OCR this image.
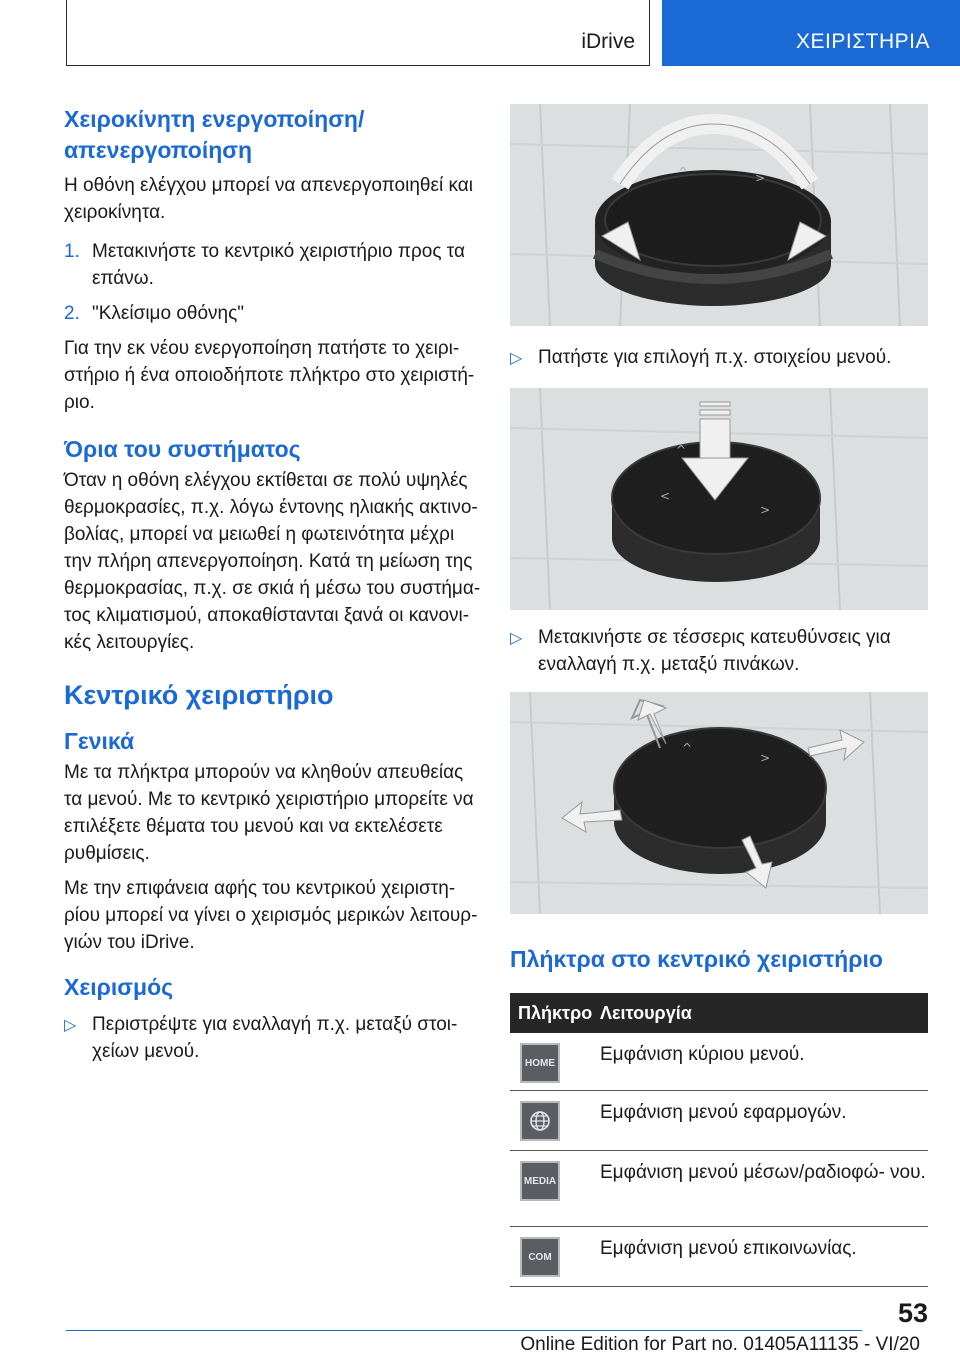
iDrive	ΧΕΙΡΙΣΤΗΡΙΑ
Χειροκίνητη ενεργοποίηση/ απενεργοποίηση

Η οθόνη ελέγχου μπορεί να απενεργοποιηθεί και χειροκίνητα.

1. Μετακινήστε το κεντρικό χειριστήριο προς τα επάνω.
2. "Κλείσιμο οθόνης"

Για την εκ νέου ενεργοποίηση πατήστε το χειρι‐ στήριο ή ένα οποιοδήποτε πλήκτρο στο χειριστή‐ ριο.

Όρια του συστήματος

Όταν η οθόνη ελέγχου εκτίθεται σε πολύ υψηλές θερμοκρασίες, π.χ. λόγω έντονης ηλιακής ακτινο‐ βολίας, μπορεί να μειωθεί η φωτεινότητα μέχρι την πλήρη απενεργοποίηση. Κατά τη μείωση της θερμοκρασίας, π.χ. σε σκιά ή μέσω του συστήμα‐ τος κλιματισμού, αποκαθίστανται ξανά οι κανονι‐ κές λειτουργίες.

Κεντρικό χειριστήριο
Γενικά

Με τα πλήκτρα μπορούν να κληθούν απευθείας τα μενού. Με το κεντρικό χειριστήριο μπορείτε να επιλέξετε θέματα του μενού και να εκτελέσετε ρυθμίσεις.

Με την επιφάνεια αφής του κεντρικού χειριστη‐ ρίου μπορεί να γίνει ο χειρισμός μερικών λειτουρ‐ γιών του iDrive.

Χειρισμός
▷ Περιστρέψτε για εναλλαγή π.χ. μεταξύ στοι‐ χείων μενού.
^	>
▷ Πατήστε για επιλογή π.χ. στοιχείου μενού.
^
<
>
▷ Μετακινήστε σε τέσσερις κατευθύνσεις για εναλλαγή π.χ. μεταξύ πινάκων.
^
>
Πλήκτρα στο κεντρικό χειριστήριο
Πλήκτρο Λειτουργία
HOME Εμφάνιση κύριου μενού.
Εμφάνιση μενού εφαρμογών.
MEDIA Εμφάνιση μενού μέσων/ραδιοφώ‐ νου.
COM	Εμφάνιση μενού επικοινωνίας.
53
Online Edition for Part no. 01405A11135 - VI/20
